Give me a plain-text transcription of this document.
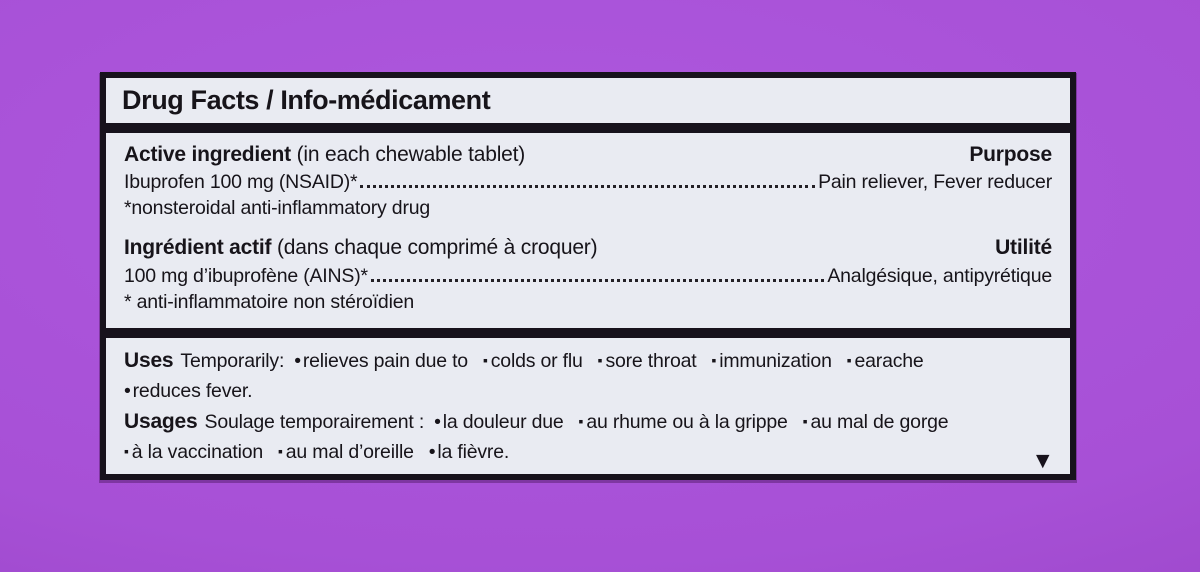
Drug Facts / Info-médicament
Active ingredient (in each chewable tablet)	Purpose
Ibuprofen 100 mg (NSAID)*	Pain reliever, Fever reducer
*nonsteroidal anti-inflammatory drug
Ingrédient actif (dans chaque comprimé à croquer)	Utilité
100 mg d’ibuprofène (AINS)*	Analgésique, antipyrétique
* anti-inflammatoire non stéroïdien
Uses Temporarily: • relieves pain due to ▪ colds or flu ▪ sore throat ▪ immunization ▪ earache
• reduces fever.
Usages Soulage temporairement : • la douleur due ▪ au rhume ou à la grippe ▪ au mal de gorge
▪ à la vaccination ▪ au mal d’oreille • la fièvre.	▼
